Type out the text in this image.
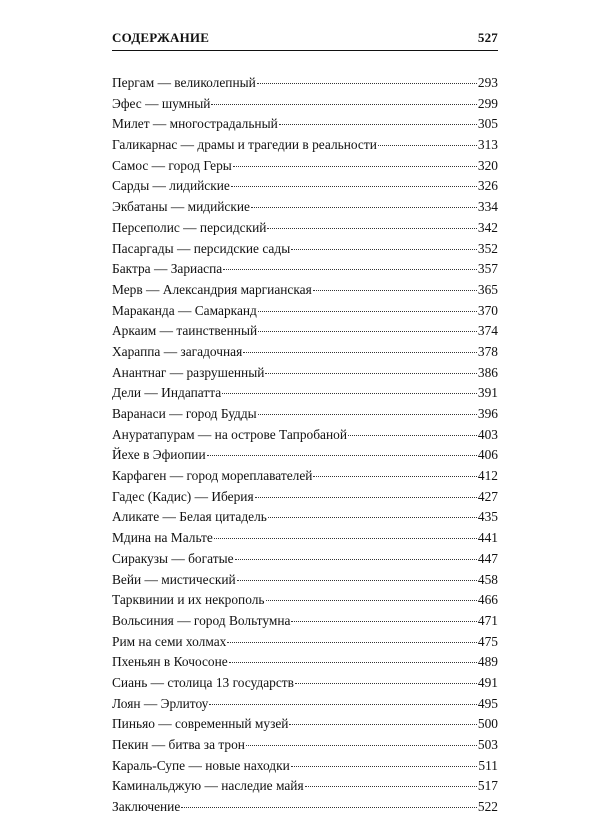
СОДЕРЖАНИЕ	527
Пергам — великолепный	293
Эфес — шумный	299
Милет — многострадальный	305
Галикарнас — драмы и трагедии в реальности	313
Самос — город Геры	320
Сарды — лидийские	326
Экбатаны — мидийские	334
Персеполис — персидский	342
Пасаргады — персидские сады	352
Бактра — Зариаспа	357
Мерв — Александрия маргианская	365
Мараканда — Самарканд	370
Аркаим — таинственный	374
Хараппа — загадочная	378
Анантнаг — разрушенный	386
Дели — Индапатта	391
Варанаси — город Будды	396
Ануратапурам — на острове Тапробаной	403
Йехе в Эфиопии	406
Карфаген — город мореплавателей	412
Гадес (Кадис) — Иберия	427
Аликате — Белая цитадель	435
Мдина на Мальте	441
Сиракузы — богатые	447
Вейи — мистический	458
Тарквинии и их некрополь	466
Вольсиния — город Вольтумна	471
Рим на семи холмах	475
Пхеньян в Кочосоне	489
Сиань — столица 13 государств	491
Лоян — Эрлитоу	495
Пиньяо — современный музей	500
Пекин — битва за трон	503
Караль-Супе — новые находки	511
Каминальджую — наследие майя	517
Заключение	522
